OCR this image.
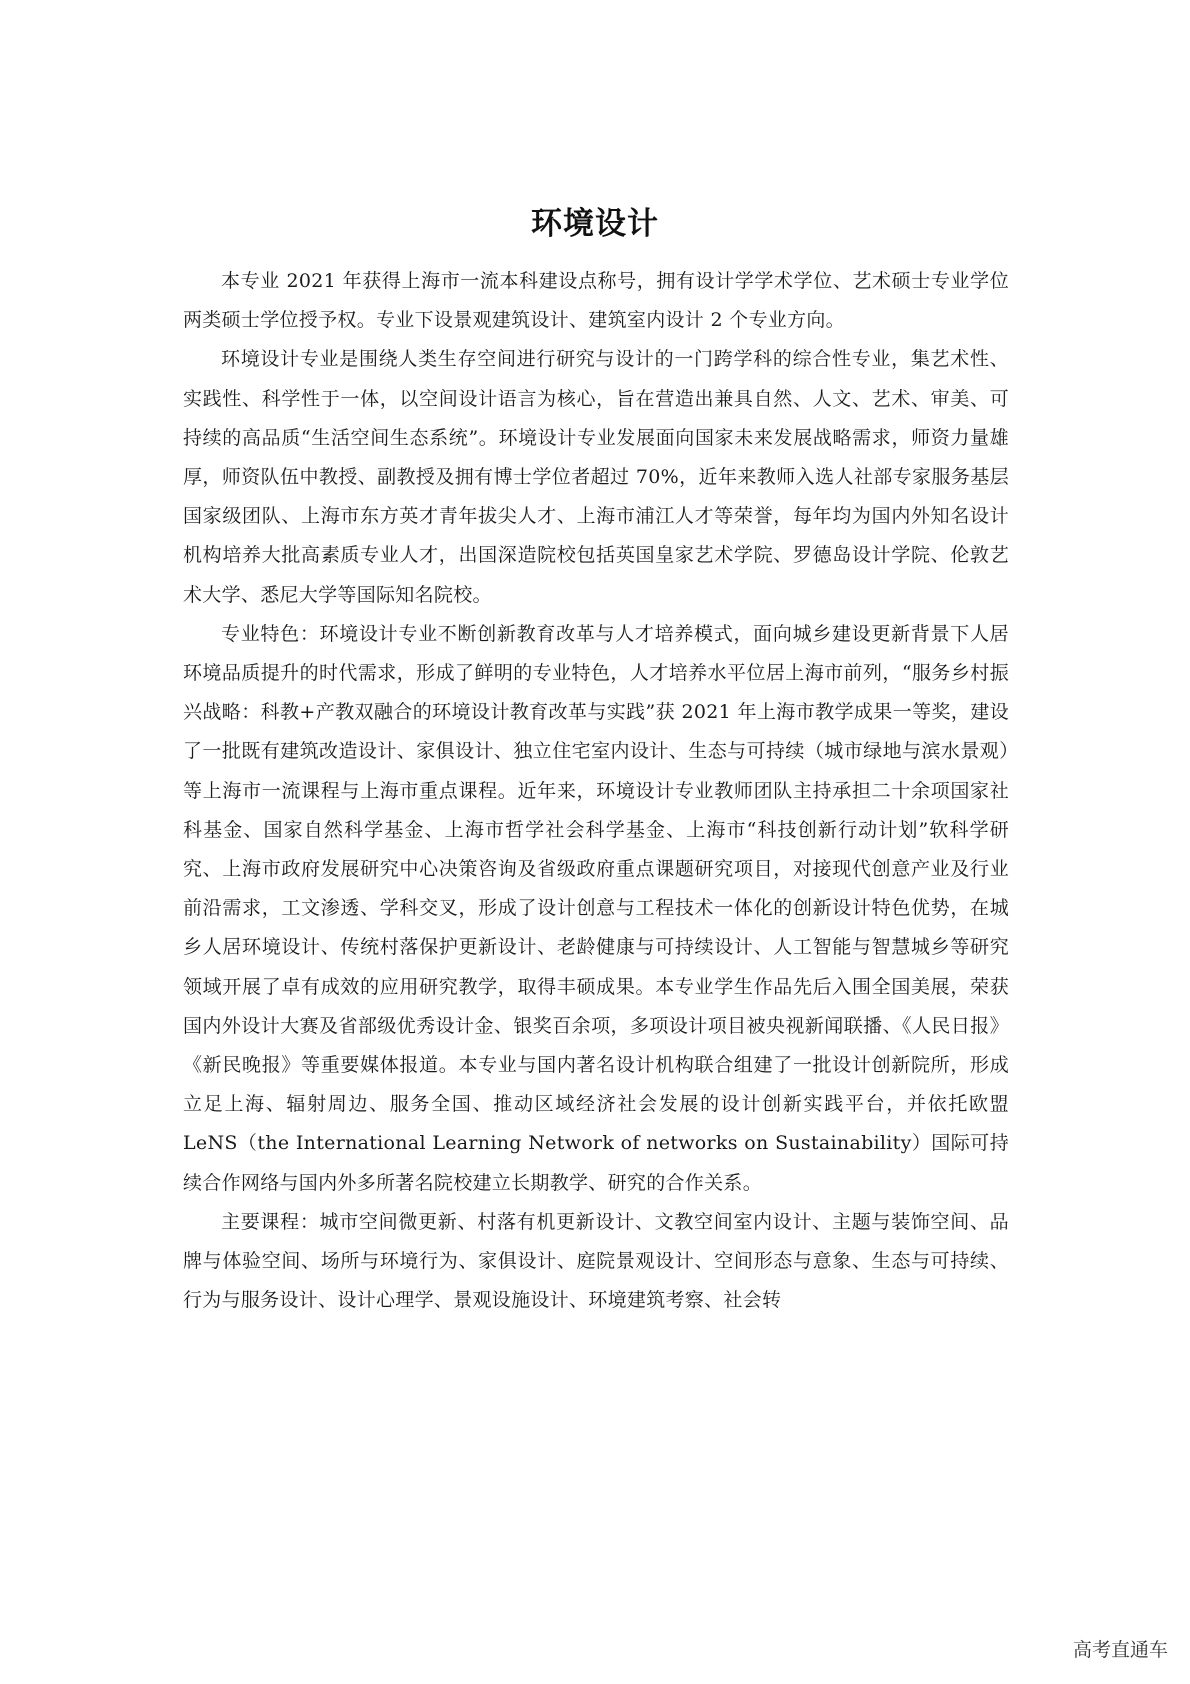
环境设计

本专业 2021 年获得上海市一流本科建设点称号，拥有设计学学术学位、艺术硕士专业学位两类硕士学位授予权。专业下设景观建筑设计、建筑室内设计 2 个专业方向。

环境设计专业是围绕人类生存空间进行研究与设计的一门跨学科的综合性专业，集艺术性、实践性、科学性于一体，以空间设计语言为核心，旨在营造出兼具自然、人文、艺术、审美、可持续的高品质“生活空间生态系统”。环境设计专业发展面向国家未来发展战略需求，师资力量雄厚，师资队伍中教授、副教授及拥有博士学位者超过 70%，近年来教师入选人社部专家服务基层国家级团队、上海市东方英才青年拔尖人才、上海市浦江人才等荣誉，每年均为国内外知名设计机构培养大批高素质专业人才，出国深造院校包括英国皇家艺术学院、罗德岛设计学院、伦敦艺术大学、悉尼大学等国际知名院校。

专业特色：环境设计专业不断创新教育改革与人才培养模式，面向城乡建设更新背景下人居环境品质提升的时代需求，形成了鲜明的专业特色，人才培养水平位居上海市前列，“服务乡村振兴战略：科教+产教双融合的环境设计教育改革与实践”获 2021 年上海市教学成果一等奖，建设了一批既有建筑改造设计、家俱设计、独立住宅室内设计、生态与可持续（城市绿地与滨水景观）等上海市一流课程与上海市重点课程。近年来，环境设计专业教师团队主持承担二十余项国家社科基金、国家自然科学基金、上海市哲学社会科学基金、上海市“科技创新行动计划”软科学研究、上海市政府发展研究中心决策咨询及省级政府重点课题研究项目，对接现代创意产业及行业前沿需求，工文渗透、学科交叉，形成了设计创意与工程技术一体化的创新设计特色优势，在城乡人居环境设计、传统村落保护更新设计、老龄健康与可持续设计、人工智能与智慧城乡等研究领域开展了卓有成效的应用研究教学，取得丰硕成果。本专业学生作品先后入围全国美展，荣获国内外设计大赛及省部级优秀设计金、银奖百余项，多项设计项目被央视新闻联播、《人民日报》《新民晚报》等重要媒体报道。本专业与国内著名设计机构联合组建了一批设计创新院所，形成立足上海、辐射周边、服务全国、推动区域经济社会发展的设计创新实践平台，并依托欧盟 LeNS（the International Learning Network of networks on Sustainability）国际可持续合作网络与国内外多所著名院校建立长期教学、研究的合作关系。

主要课程：城市空间微更新、村落有机更新设计、文教空间室内设计、主题与装饰空间、品牌与体验空间、场所与环境行为、家俱设计、庭院景观设计、空间形态与意象、生态与可持续、行为与服务设计、设计心理学、景观设施设计、环境建筑考察、社会转

高考直通车
